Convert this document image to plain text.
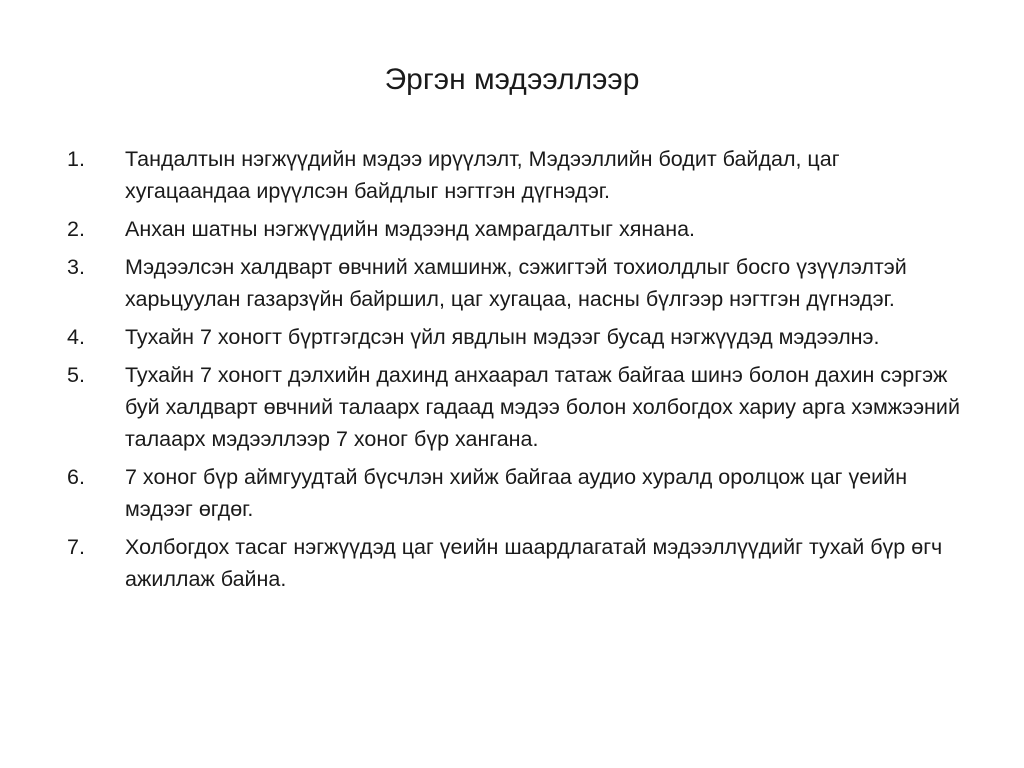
Эргэн мэдээллээр
1. Тандалтын нэгжүүдийн мэдээ ирүүлэлт, Мэдээллийн бодит байдал, цаг хугацаандаа ирүүлсэн байдлыг нэгтгэн дүгнэдэг.
2. Анхан шатны нэгжүүдийн мэдээнд хамрагдалтыг хянана.
3. Мэдээлсэн халдварт өвчний хамшинж, сэжигтэй тохиолдлыг босго үзүүлэлтэй харьцуулан газарзүйн байршил, цаг хугацаа, насны бүлгээр нэгтгэн дүгнэдэг.
4. Тухайн 7 хоногт бүртгэгдсэн үйл явдлын мэдээг бусад нэгжүүдэд мэдээлнэ.
5. Тухайн 7 хоногт дэлхийн дахинд анхаарал татаж байгаа шинэ болон дахин сэргэж буй халдварт өвчний талаарх гадаад мэдээ болон холбогдох хариу арга хэмжээний талаарх мэдээллээр 7 хоног бүр хангана.
6. 7 хоног бүр аймгуудтай бүсчлэн хийж байгаа аудио хуралд оролцож цаг үеийн мэдээг өгдөг.
7. Холбогдох тасаг нэгжүүдэд цаг үеийн шаардлагатай мэдээллүүдийг тухай бүр өгч ажиллаж байна.
